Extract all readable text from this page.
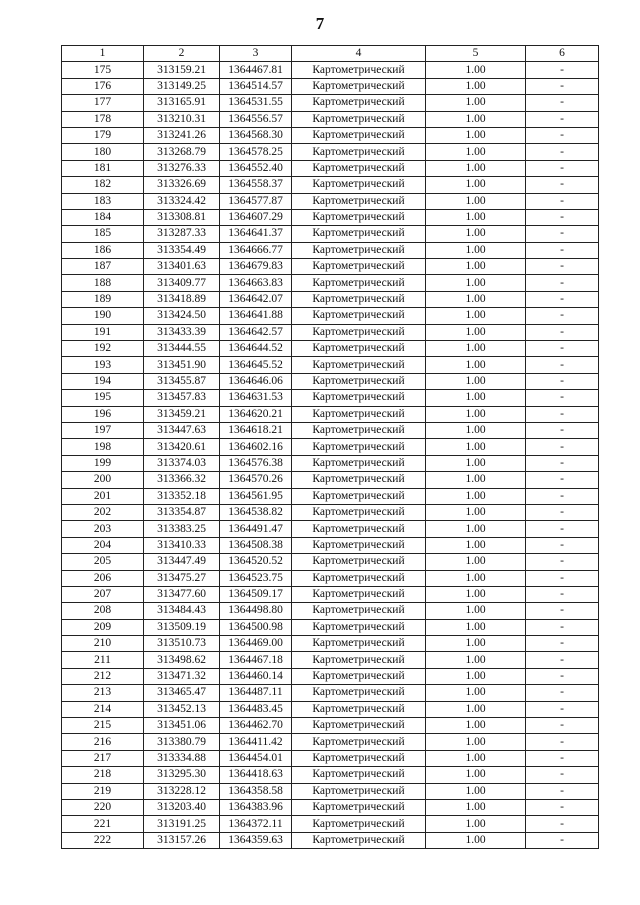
7
1	2	3	4	5	6
175	313159.21	1364467.81	Картометрический	1.00	-
176	313149.25	1364514.57	Картометрический	1.00	-
177	313165.91	1364531.55	Картометрический	1.00	-
178	313210.31	1364556.57	Картометрический	1.00	-
179	313241.26	1364568.30	Картометрический	1.00	-
180	313268.79	1364578.25	Картометрический	1.00	-
181	313276.33	1364552.40	Картометрический	1.00	-
182	313326.69	1364558.37	Картометрический	1.00	-
183	313324.42	1364577.87	Картометрический	1.00	-
184	313308.81	1364607.29	Картометрический	1.00	-
185	313287.33	1364641.37	Картометрический	1.00	-
186	313354.49	1364666.77	Картометрический	1.00	-
187	313401.63	1364679.83	Картометрический	1.00	-
188	313409.77	1364663.83	Картометрический	1.00	-
189	313418.89	1364642.07	Картометрический	1.00	-
190	313424.50	1364641.88	Картометрический	1.00	-
191	313433.39	1364642.57	Картометрический	1.00	-
192	313444.55	1364644.52	Картометрический	1.00	-
193	313451.90	1364645.52	Картометрический	1.00	-
194	313455.87	1364646.06	Картометрический	1.00	-
195	313457.83	1364631.53	Картометрический	1.00	-
196	313459.21	1364620.21	Картометрический	1.00	-
197	313447.63	1364618.21	Картометрический	1.00	-
198	313420.61	1364602.16	Картометрический	1.00	-
199	313374.03	1364576.38	Картометрический	1.00	-
200	313366.32	1364570.26	Картометрический	1.00	-
201	313352.18	1364561.95	Картометрический	1.00	-
202	313354.87	1364538.82	Картометрический	1.00	-
203	313383.25	1364491.47	Картометрический	1.00	-
204	313410.33	1364508.38	Картометрический	1.00	-
205	313447.49	1364520.52	Картометрический	1.00	-
206	313475.27	1364523.75	Картометрический	1.00	-
207	313477.60	1364509.17	Картометрический	1.00	-
208	313484.43	1364498.80	Картометрический	1.00	-
209	313509.19	1364500.98	Картометрический	1.00	-
210	313510.73	1364469.00	Картометрический	1.00	-
211	313498.62	1364467.18	Картометрический	1.00	-
212	313471.32	1364460.14	Картометрический	1.00	-
213	313465.47	1364487.11	Картометрический	1.00	-
214	313452.13	1364483.45	Картометрический	1.00	-
215	313451.06	1364462.70	Картометрический	1.00	-
216	313380.79	1364411.42	Картометрический	1.00	-
217	313334.88	1364454.01	Картометрический	1.00	-
218	313295.30	1364418.63	Картометрический	1.00	-
219	313228.12	1364358.58	Картометрический	1.00	-
220	313203.40	1364383.96	Картометрический	1.00	-
221	313191.25	1364372.11	Картометрический	1.00	-
222	313157.26	1364359.63	Картометрический	1.00	-
